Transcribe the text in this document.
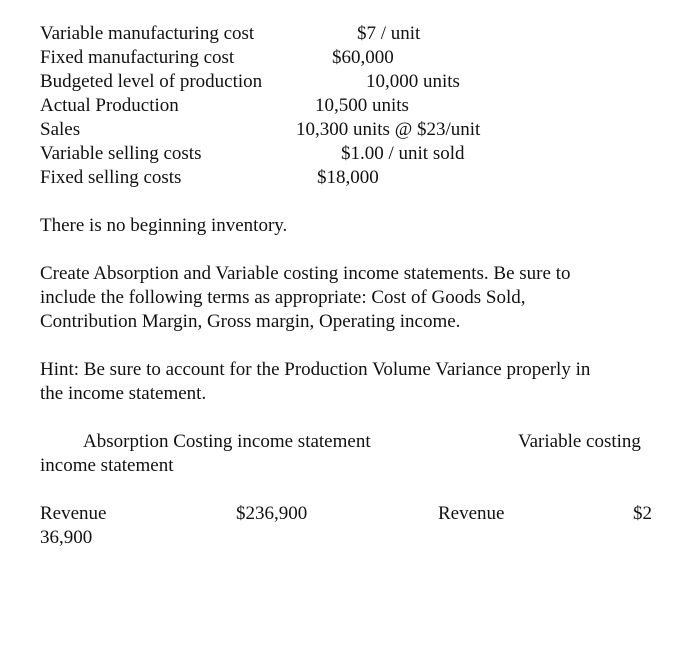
Variable manufacturing cost	$7 / unit
Fixed manufacturing cost	$60,000
Budgeted level of production	10,000 units
Actual Production	10,500 units
Sales	10,300 units @ $23/unit
Variable selling costs	$1.00 / unit sold
Fixed selling costs	$18,000
There is no beginning inventory.
Create Absorption and Variable costing income statements. Be sure to
include the following terms as appropriate: Cost of Goods Sold,
Contribution Margin, Gross margin, Operating income.
Hint: Be sure to account for the Production Volume Variance properly in
the income statement.
Absorption Costing income statement	Variable costing
income statement
Revenue	$236,900	Revenue	$2
36,900
